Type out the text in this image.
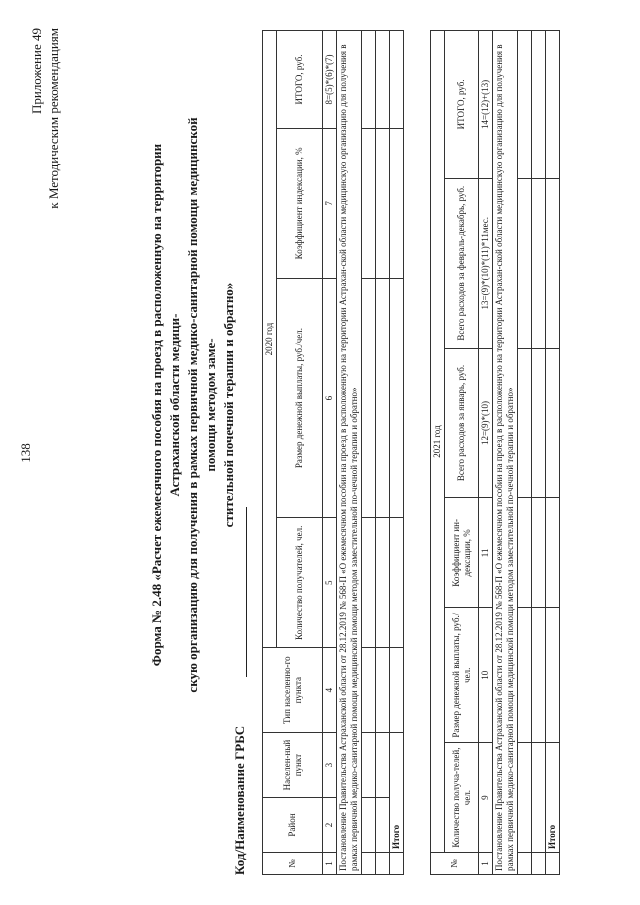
138
Приложение 49 к Методическим рекомендациям
Форма № 2.48 «Расчет ежемесячного пособия на проезд в расположенную на территории Астраханской области медици- скую организацию для получения в рамках первичной медико-санитарной помощи медицинской помощи методом заме- стительной почечной терапии и обратно»
Код/Наименование ГРБС	№	Район	Населен-ный пункт	Тип населенно-го пункта	2020 год			
				Количество получателей, чел.	Размер денежной выплаты, руб./чел.	Коэффициент индексации, %	ИТОГО, руб.
1	2	3	4	5	6	7	8=(5)*(6)*(7)
Постановление Правительства Астраханской области от 28.12.2019 № 568-П «О ежемесячном пособии на проезд в расположенную на территории Астрахан-ской области медицинскую организацию для получения в рамках первичной медико-санитарной помощи медицинской помощи методом заместительной по-чечной терапии и обратно»							

	Итого						
№	2021 год					
	Количество получа-телей, чел.	Размер денежной выплаты, руб./чел.	Коэффициент ин-дексации, %	Всего расходов за январь, руб.	Всего расходов за февраль-декабрь, руб.	ИТОГО, руб.
1	9	10	11	12=(9)*(10)	13=(9)*(10)*(11)*11мес.	14=(12)+(13)
Постановление Правительства Астраханской области от 28.12.2019 № 568-П «О ежемесячном пособии на проезд в расположенную на территории Астрахан-ской области медицинскую организацию для получения в рамках первичной медико-санитарной помощи медицинской помощи методом заместительной по-чечной терапии и обратно»						

	Итого					
